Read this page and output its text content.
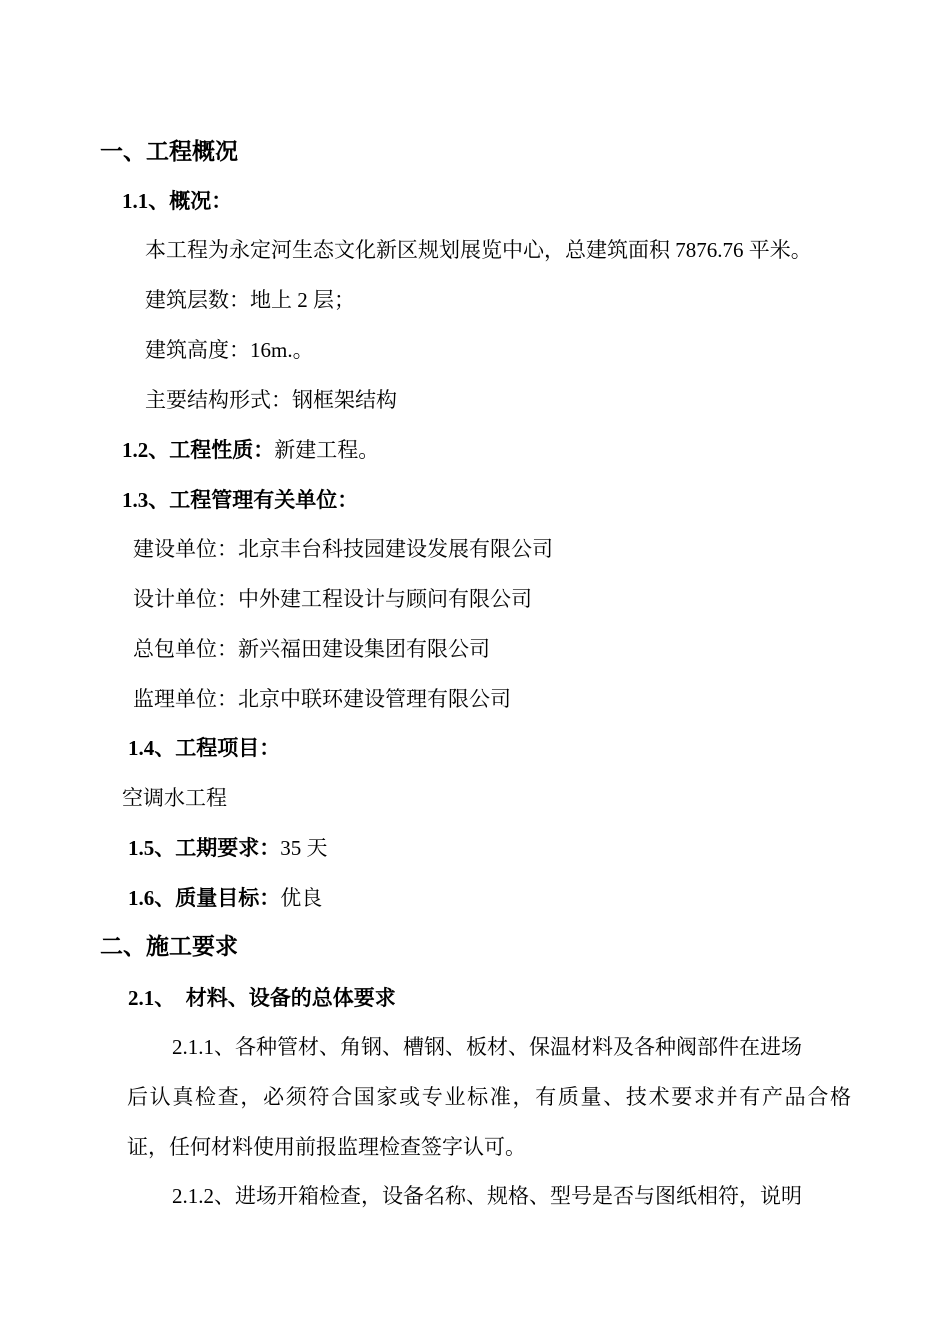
一、工程概况
1.1、概况：
本工程为永定河生态文化新区规划展览中心，总建筑面积 7876.76 平米。
建筑层数：地上 2 层；
建筑高度：16m.。
主要结构形式：钢框架结构
1.2、工程性质：新建工程。
1.3、工程管理有关单位：
建设单位：北京丰台科技园建设发展有限公司
设计单位：中外建工程设计与顾问有限公司
总包单位：新兴福田建设集团有限公司
监理单位：北京中联环建设管理有限公司
1.4、工程项目：
空调水工程
1.5、工期要求：35 天
1.6、质量目标：优良
二、施工要求
2.1、  材料、设备的总体要求
2.1.1、各种管材、角钢、槽钢、板材、保温材料及各种阀部件在进场
后认真检查，必须符合国家或专业标准，有质量、技术要求并有产品合格
证，任何材料使用前报监理检查签字认可。
2.1.2、进场开箱检查，设备名称、规格、型号是否与图纸相符，说明
